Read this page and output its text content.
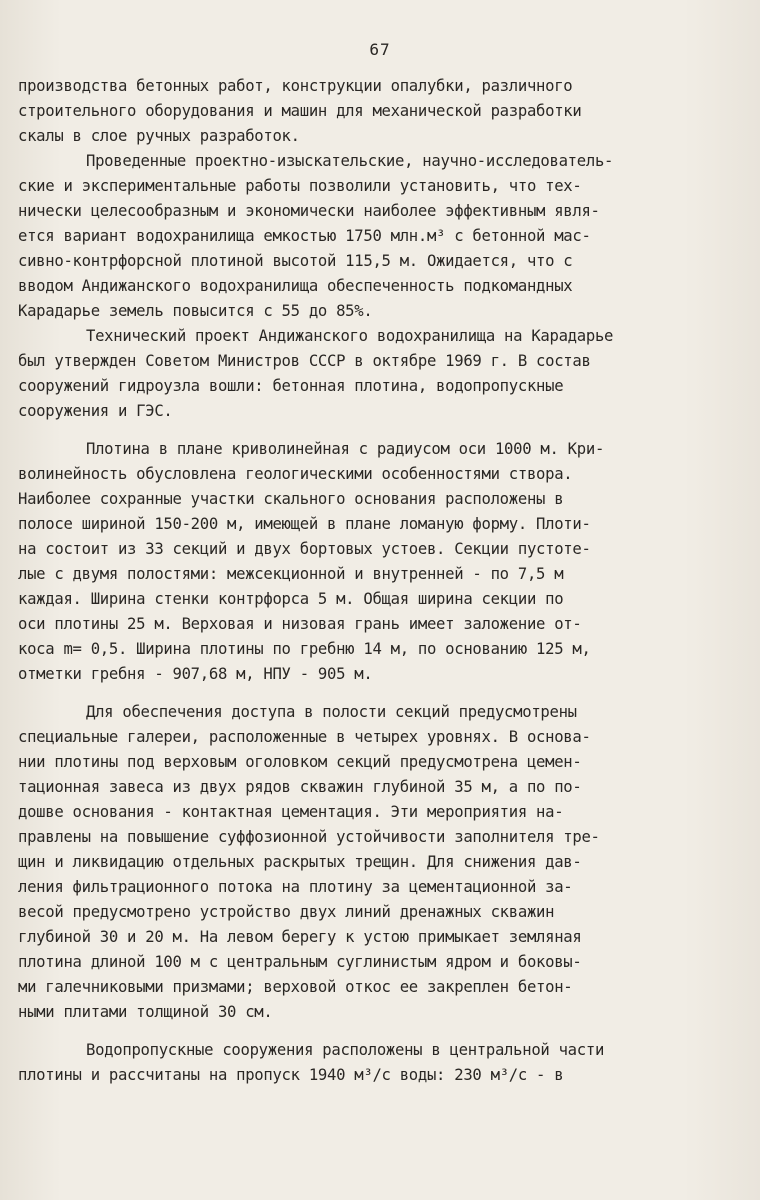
67
производства бетонных работ, конструкции опалубки, различного
строительного оборудования и машин для механической разработки
скалы в слое ручных разработок.
Проведенные проектно-изыскательские, научно-исследователь-
ские и экспериментальные работы позволили установить, что тех-
нически целесообразным и экономически наиболее эффективным явля-
ется вариант водохранилища емкостью 1750 млн.м³ с бетонной мас-
сивно-контрфорсной плотиной высотой 115,5 м. Ожидается, что с
вводом Андижанского водохранилища обеспеченность подкомандных
Карадарье земель повысится с 55 до 85%.
Технический проект Андижанского водохранилища на Карадарье
был утвержден Советом Министров СССР в октябре 1969 г. В состав
сооружений гидроузла вошли: бетонная плотина, водопропускные
сооружения и ГЭС.
Плотина в плане криволинейная с радиусом оси 1000 м. Кри-
волинейность обусловлена геологическими особенностями створа.
Наиболее сохранные участки скального основания расположены в
полосе шириной 150-200 м, имеющей в плане ломаную форму. Плоти-
на состоит из 33 секций и двух бортовых устоев. Секции пустоте-
лые с двумя полостями: межсекционной и внутренней - по 7,5 м
каждая. Ширина стенки контрфорса 5 м. Общая ширина секции по
оси плотины 25 м. Верховая и низовая грань имеет заложение от-
коса m= 0,5. Ширина плотины по гребню 14 м, по основанию 125 м,
отметки гребня - 907,68 м, НПУ - 905 м.
Для обеспечения доступа в полости секций предусмотрены
специальные галереи, расположенные в четырех уровнях. В основа-
нии плотины под верховым оголовком секций предусмотрена цемен-
тационная завеса из двух рядов скважин глубиной 35 м, а по по-
дошве основания - контактная цементация. Эти мероприятия на-
правлены на повышение суффозионной устойчивости заполнителя тре-
щин и ликвидацию отдельных раскрытых трещин. Для снижения дав-
ления фильтрационного потока на плотину за цементационной за-
весой предусмотрено устройство двух линий дренажных скважин
глубиной 30 и 20 м. На левом берегу к устою примыкает земляная
плотина длиной 100 м с центральным суглинистым ядром и боковы-
ми галечниковыми призмами; верховой откос ее закреплен бетон-
ными плитами толщиной 30 см.
Водопропускные сооружения расположены в центральной части
плотины и рассчитаны на пропуск 1940 м³/с воды: 230 м³/с - в
